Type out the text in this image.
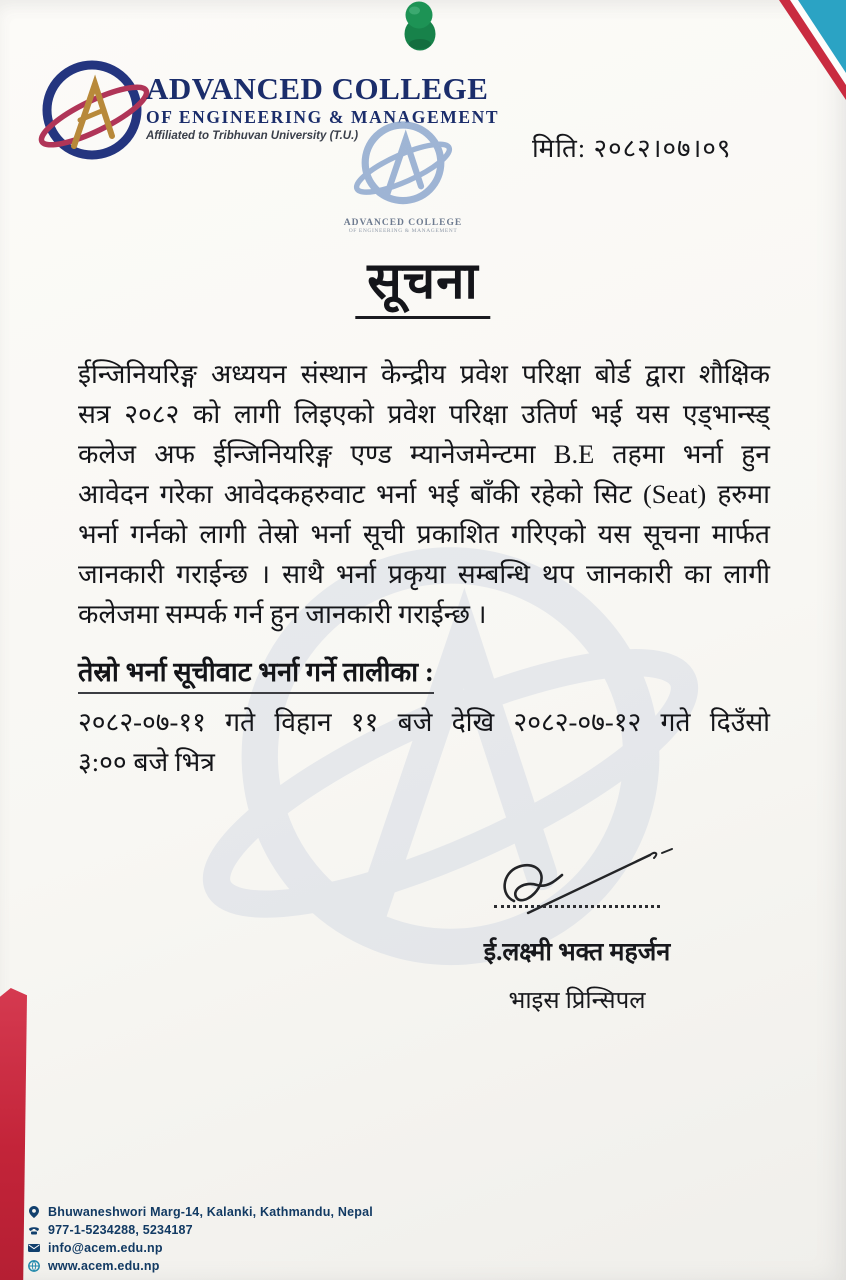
ADVANCED COLLEGE
OF ENGINEERING & MANAGEMENT
Affiliated to Tribhuvan University (T.U.)	मिति: २०८२।०७।०९
ADVANCED COLLEGE
OF ENGINEERING & MANAGEMENT
सूचना
ईन्जिनियरिङ्ग अध्ययन संस्थान केन्द्रीय प्रवेश परिक्षा बोर्ड द्वारा शौक्षिक
सत्र २०८२ को लागी लिइएको प्रवेश परिक्षा उतिर्ण भई यस एड्भान्स्ड्
कलेज अफ ईन्जिनियरिङ्ग एण्ड म्यानेजमेन्टमा B.E तहमा भर्ना हुन
आवेदन गरेका आवेदकहरुवाट भर्ना भई बाँकी रहेको सिट (Seat) हरुमा
भर्ना गर्नको लागी तेस्रो भर्ना सूची प्रकाशित गरिएको यस सूचना मार्फत
जानकारी गराईन्छ । साथै भर्ना प्रकृया सम्बन्धि थप जानकारी का लागी
कलेजमा सम्पर्क गर्न हुन जानकारी गराईन्छ ।
तेस्रो भर्ना सूचीवाट भर्ना गर्ने तालीका :
२०८२-०७-११ गते विहान ११ बजे देखि २०८२-०७-१२ गते दिउँसो
३:०० बजे भित्र
ई.लक्ष्मी भक्त महर्जन
भाइस प्रिन्सिपल
Bhuwaneshwori Marg-14, Kalanki, Kathmandu, Nepal
977-1-5234288, 5234187
info@acem.edu.np
www.acem.edu.np
